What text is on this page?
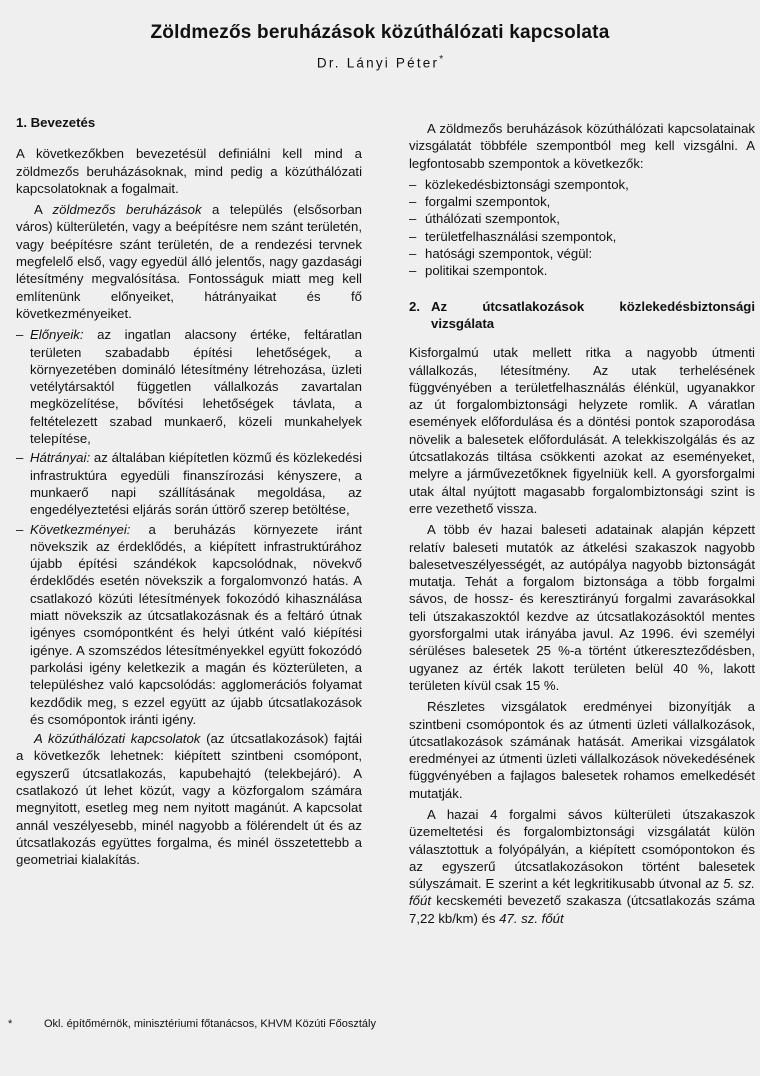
Zöldmezős beruházások közúthálózati kapcsolata
Dr. Lányi Péter*
1. Bevezetés

A következőkben bevezetésül definiálni kell mind a zöldmezős beruházásoknak, mind pedig a közúthálózati kapcsolatoknak a fogalmait.

A zöldmezős beruházások a település (elsősorban város) külterületén, vagy a beépítésre nem szánt területén, vagy beépítésre szánt területén, de a rendezési tervnek megfelelő első, vagy egyedül álló jelentős, nagy gazdasági létesítmény megvalósítása. Fontosságuk miatt meg kell említenünk előnyeiket, hátrányaikat és fő következményeiket.

– Előnyeik: az ingatlan alacsony értéke, feltáratlan területen szabadabb építési lehetőségek, a környezetében domináló létesítmény létrehozása, üzleti vetélytársaktól független vállalkozás zavartalan megközelítése, bővítési lehetőségek távlata, a feltételezett szabad munkaerő, közeli munkahelyek telepítése,
– Hátrányai: az általában kiépítetlen közmű és közlekedési infrastruktúra egyedüli finanszírozási kényszere, a munkaerő napi szállításának megoldása, az engedélyeztetési eljárás során úttörő szerep betöltése,
– Következményei: a beruházás környezete iránt növekszik az érdeklődés, a kiépített infrastruktúrához újabb építési szándékok kapcsolódnak, növekvő érdeklődés esetén növekszik a forgalomvonzó hatás. A csatlakozó közúti létesítmények fokozódó kihasználása miatt növekszik az útcsatlakozásnak és a feltáró útnak igényes csomópontként és helyi útként való kiépítési igénye. A szomszédos létesítményekkel együtt fokozódó parkolási igény keletkezik a magán és közterületen, a településhez való kapcsolódás: agglomerációs folyamat kezdődik meg, s ezzel együtt az újabb útcsatlakozások és csomópontok iránti igény.

A közúthálózati kapcsolatok (az útcsatlakozások) fajtái a következők lehetnek: kiépített szintbeni csomópont, egyszerű útcsatlakozás, kapubehajtó (telekbejáró). A csatlakozó út lehet közút, vagy a közforgalom számára megnyitott, esetleg meg nem nyitott magánút. A kapcsolat annál veszélyesebb, minél nagyobb a fölérendelt út és az útcsatlakozás együttes forgalma, és minél összetettebb a geometriai kialakítás.

A zöldmezős beruházások közúthálózati kapcsolatainak vizsgálatát többféle szempontból meg kell vizsgálni. A legfontosabb szempontok a következők:

– közlekedésbiztonsági szempontok,
– forgalmi szempontok,
– úthálózati szempontok,
– területfelhasználási szempontok,
– hatósági szempontok, végül:
– politikai szempontok.
2. Az útcsatlakozások közlekedésbiztonsági vizsgálata

Kisforgalmú utak mellett ritka a nagyobb útmenti vállalkozás, létesítmény. Az utak terhelésének függvényében a területfelhasználás élénkül, ugyanakkor az út forgalombiztonsági helyzete romlik. A váratlan események előfordulása és a döntési pontok szaporodása növelik a balesetek előfordulását. A telekkiszolgálás és az útcsatlakozás tiltása csökkenti azokat az eseményeket, melyre a járművezetőknek figyelniük kell. A gyorsforgalmi utak által nyújtott magasabb forgalombiztonsági szint is erre vezethető vissza.

A több év hazai baleseti adatainak alapján képzett relatív baleseti mutatók az átkelési szakaszok nagyobb balesetveszélyességét, az autópálya nagyobb biztonságát mutatja. Tehát a forgalom biztonsága a több forgalmi sávos, de hossz- és keresztirányú forgalmi zavarásokkal teli útszakaszoktól kezdve az útcsatlakozásoktól mentes gyorsforgalmi utak irányába javul. Az 1996. évi személyi sérüléses balesetek 25 %-a történt útkereszteződésben, ugyanez az érték lakott területen belül 40 %, lakott területen kívül csak 15 %.

Részletes vizsgálatok eredményei bizonyítják a szintbeni csomópontok és az útmenti üzleti vállalkozások, útcsatlakozások számának hatását. Amerikai vizsgálatok eredményei az útmenti üzleti vállalkozások növekedésének függvényében a fajlagos balesetek rohamos emelkedését mutatják.

A hazai 4 forgalmi sávos külterületi útszakaszok üzemeltetési és forgalombiztonsági vizsgálatát külön választottuk a folyópályán, a kiépített csomópontokon és az egyszerű útcsatlakozásokon történt balesetek súlyszámait. E szerint a két legkritikusabb útvonal az 5. sz. főút kecskeméti bevezető szakasza (útcsatlakozás száma 7,22 kb/km) és 47. sz. főút

*	Okl. építőmérnök, minisztériumi főtanácsos, KHVM Közúti Főosztály
